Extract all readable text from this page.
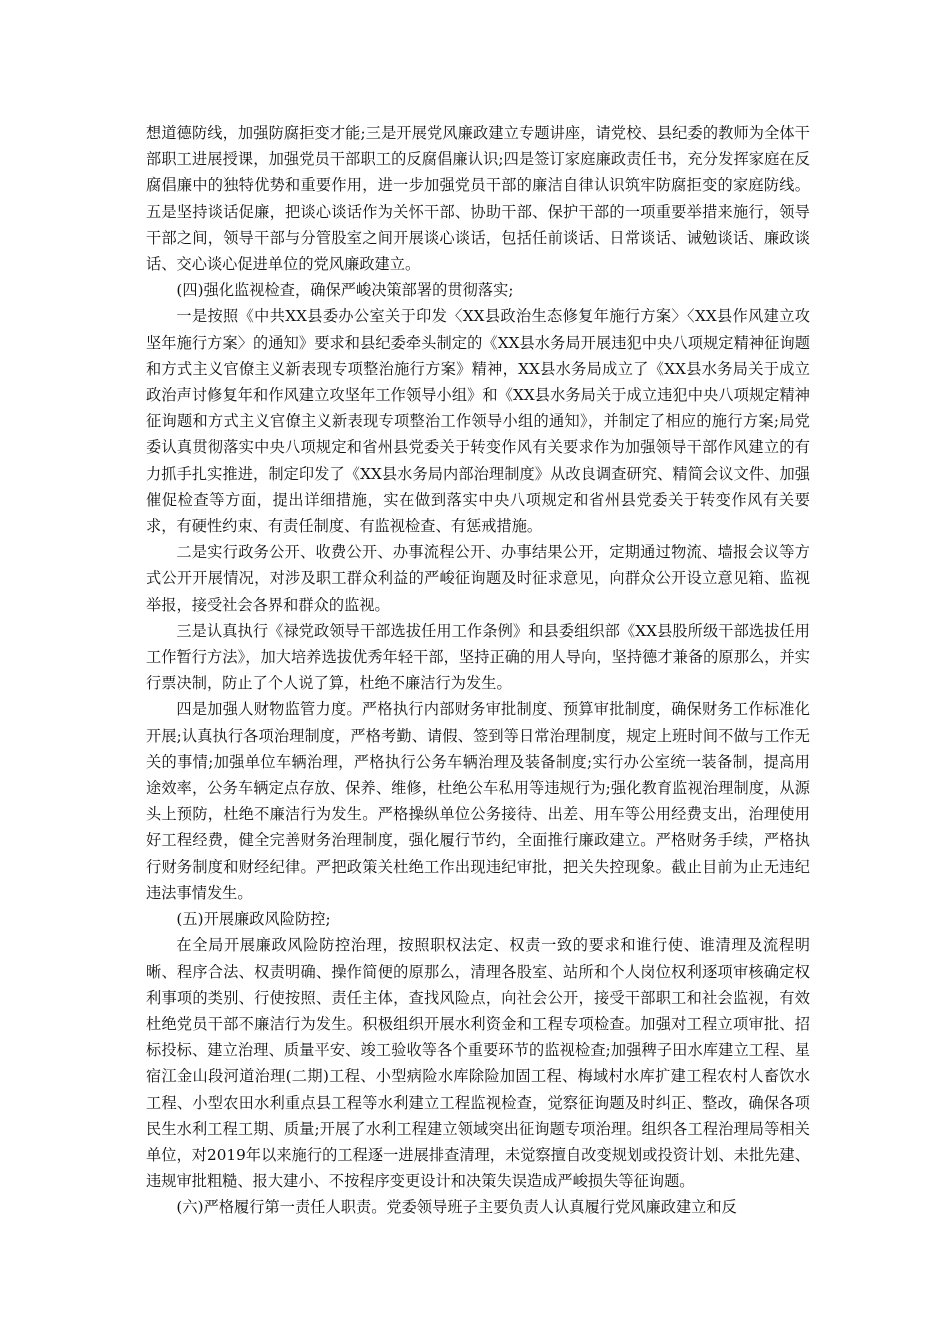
想道德防线，加强防腐拒变才能;三是开展党风廉政建立专题讲座，请党校、县纪委的教师为全体干部职工进展授课，加强党员干部职工的反腐倡廉认识;四是签订家庭廉政责任书，充分发挥家庭在反腐倡廉中的独特优势和重要作用，进一步加强党员干部的廉洁自律认识筑牢防腐拒变的家庭防线。五是坚持谈话促廉，把谈心谈话作为关怀干部、协助干部、保护干部的一项重要举措来施行，领导干部之间，领导干部与分管股室之间开展谈心谈话，包括任前谈话、日常谈话、诫勉谈话、廉政谈话、交心谈心促进单位的党风廉政建立。

(四)强化监视检查，确保严峻决策部署的贯彻落实;

一是按照《中共XX县委办公室关于印发〈XX县政治生态修复年施行方案〉〈XX县作风建立攻坚年施行方案〉的通知》要求和县纪委牵头制定的《XX县水务局开展违犯中央八项规定精神征询题和方式主义官僚主义新表现专项整治施行方案》精神，XX县水务局成立了《XX县水务局关于成立政治声讨修复年和作风建立攻坚年工作领导小组》和《XX县水务局关于成立违犯中央八项规定精神征询题和方式主义官僚主义新表现专项整治工作领导小组的通知》，并制定了相应的施行方案;局党委认真贯彻落实中央八项规定和省州县党委关于转变作风有关要求作为加强领导干部作风建立的有力抓手扎实推进，制定印发了《XX县水务局内部治理制度》从改良调查研究、精简会议文件、加强催促检查等方面，提出详细措施，实在做到落实中央八项规定和省州县党委关于转变作风有关要求，有硬性约束、有责任制度、有监视检查、有惩戒措施。

二是实行政务公开、收费公开、办事流程公开、办事结果公开，定期通过物流、墙报会议等方式公开开展情况，对涉及职工群众利益的严峻征询题及时征求意见，向群众公开设立意见箱、监视举报，接受社会各界和群众的监视。

三是认真执行《禄党政领导干部选拔任用工作条例》和县委组织部《XX县股所级干部选拔任用工作暂行方法》，加大培养选拔优秀年轻干部，坚持正确的用人导向，坚持德才兼备的原那么，并实行票决制，防止了个人说了算，杜绝不廉洁行为发生。

四是加强人财物监管力度。严格执行内部财务审批制度、预算审批制度，确保财务工作标准化开展;认真执行各项治理制度，严格考勤、请假、签到等日常治理制度，规定上班时间不做与工作无关的事情;加强单位车辆治理，严格执行公务车辆治理及装备制度;实行办公室统一装备制，提高用途效率，公务车辆定点存放、保养、维修，杜绝公车私用等违规行为;强化教育监视治理制度，从源头上预防，杜绝不廉洁行为发生。严格操纵单位公务接待、出差、用车等公用经费支出，治理使用好工程经费，健全完善财务治理制度，强化履行节约，全面推行廉政建立。严格财务手续，严格执行财务制度和财经纪律。严把政策关杜绝工作出现违纪审批，把关失控现象。截止目前为止无违纪违法事情发生。

(五)开展廉政风险防控;

在全局开展廉政风险防控治理，按照职权法定、权责一致的要求和谁行使、谁清理及流程明晰、程序合法、权责明确、操作简便的原那么，清理各股室、站所和个人岗位权利逐项审核确定权利事项的类别、行使按照、责任主体，查找风险点，向社会公开，接受干部职工和社会监视，有效杜绝党员干部不廉洁行为发生。积极组织开展水利资金和工程专项检查。加强对工程立项审批、招标投标、建立治理、质量平安、竣工验收等各个重要环节的监视检查;加强稗子田水库建立工程、星宿江金山段河道治理(二期)工程、小型病险水库除险加固工程、梅域村水库扩建工程农村人畜饮水工程、小型农田水利重点县工程等水利建立工程监视检查，觉察征询题及时纠正、整改，确保各项民生水利工程工期、质量;开展了水利工程建立领域突出征询题专项治理。组织各工程治理局等相关单位，对2019年以来施行的工程逐一进展排查清理，未觉察擅自改变规划或投资计划、未批先建、违规审批粗糙、报大建小、不按程序变更设计和决策失误造成严峻损失等征询题。

(六)严格履行第一责任人职责。党委领导班子主要负责人认真履行党风廉政建立和反
